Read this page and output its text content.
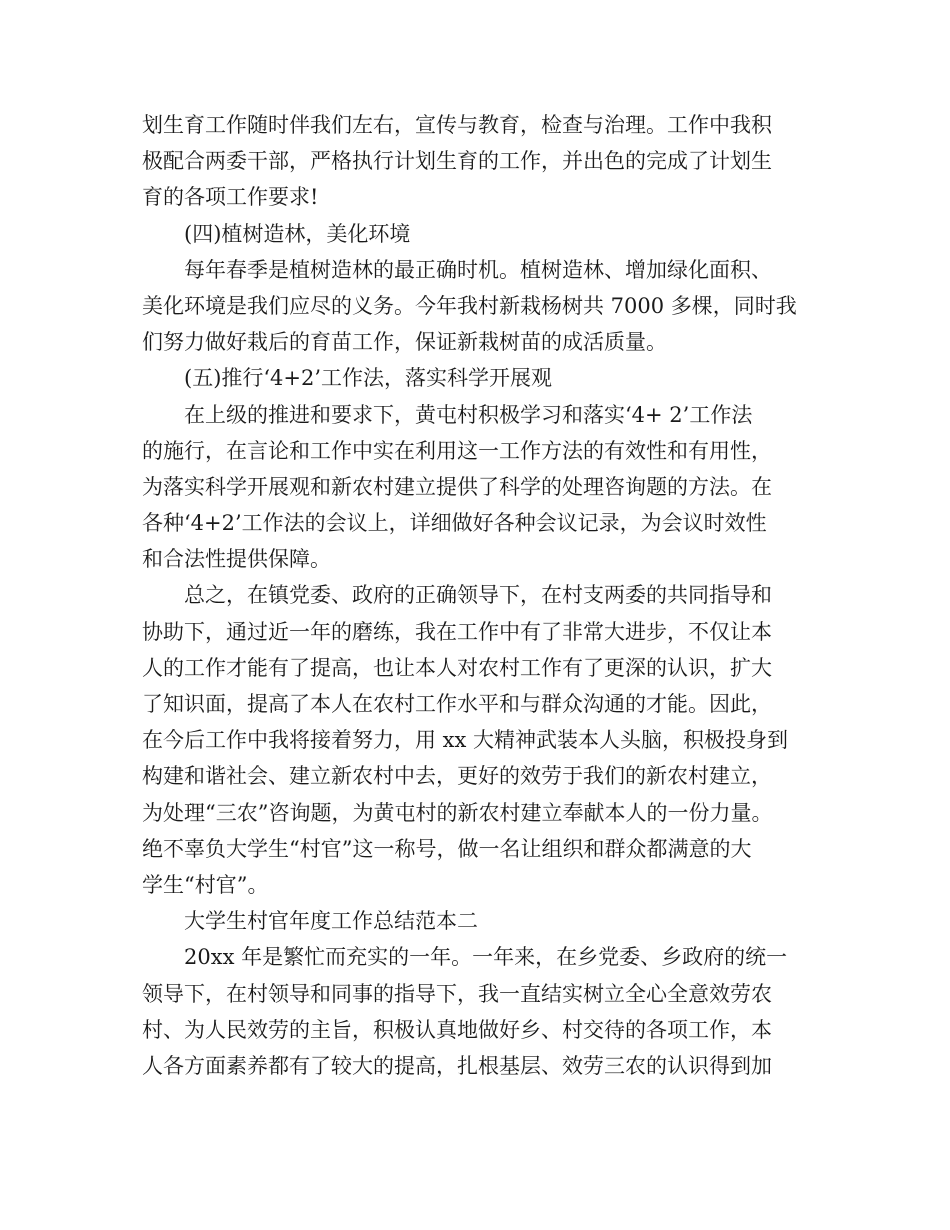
划生育工作随时伴我们左右，宣传与教育，检查与治理。工作中我积
极配合两委干部，严格执行计划生育的工作，并出色的完成了计划生
育的各项工作要求!
(四)植树造林，美化环境
每年春季是植树造林的最正确时机。植树造林、增加绿化面积、
美化环境是我们应尽的义务。今年我村新栽杨树共 7000 多棵，同时我
们努力做好栽后的育苗工作，保证新栽树苗的成活质量。
(五)推行‘4+2’工作法，落实科学开展观
在上级的推进和要求下，黄屯村积极学习和落实‘4+ 2’工作法
的施行，在言论和工作中实在利用这一工作方法的有效性和有用性，
为落实科学开展观和新农村建立提供了科学的处理咨询题的方法。在
各种‘4+2’工作法的会议上，详细做好各种会议记录，为会议时效性
和合法性提供保障。
总之，在镇党委、政府的正确领导下，在村支两委的共同指导和
协助下，通过近一年的磨练，我在工作中有了非常大进步，不仅让本
人的工作才能有了提高，也让本人对农村工作有了更深的认识，扩大
了知识面，提高了本人在农村工作水平和与群众沟通的才能。因此，
在今后工作中我将接着努力，用 xx 大精神武装本人头脑，积极投身到
构建和谐社会、建立新农村中去，更好的效劳于我们的新农村建立，
为处理“三农”咨询题，为黄屯村的新农村建立奉献本人的一份力量。
绝不辜负大学生“村官”这一称号，做一名让组织和群众都满意的大
学生“村官”。
大学生村官年度工作总结范本二
20xx 年是繁忙而充实的一年。一年来，在乡党委、乡政府的统一
领导下，在村领导和同事的指导下，我一直结实树立全心全意效劳农
村、为人民效劳的主旨，积极认真地做好乡、村交待的各项工作，本
人各方面素养都有了较大的提高，扎根基层、效劳三农的认识得到加
